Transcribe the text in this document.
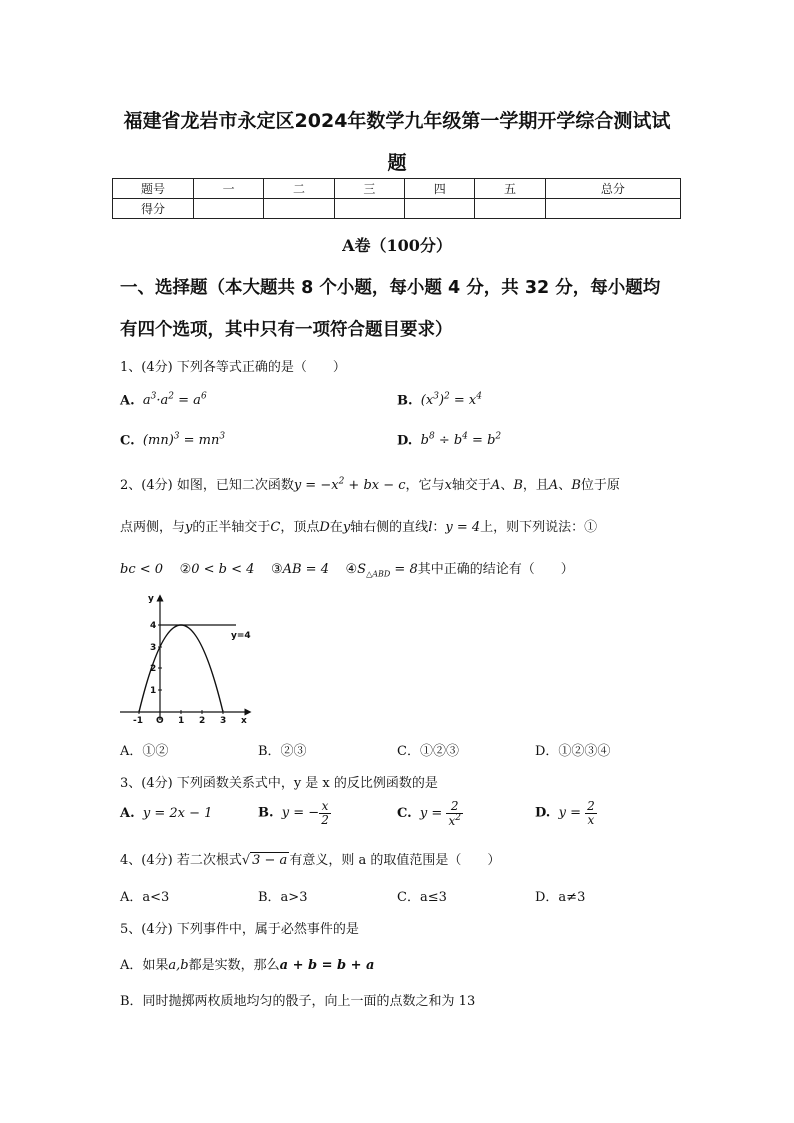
福建省龙岩市永定区2024年数学九年级第一学期开学综合测试试
题
题号	一	二	三	四	五	总分
得分						
A卷（100分）
一、选择题（本大题共 8 个小题，每小题 4 分，共 32 分，每小题均
有四个选项，其中只有一项符合题目要求）
1、(4分) 下列各等式正确的是（　　）
A.  $a^3\cdot a^2 = a^6$	B.  $(x^3)^2 = x^4$
C.  $(mn)^3 = mn^3$	D.  $b^8 \div b^4 = b^2$
2、(4分) 如图，已知二次函数$y = -x^2$ + bx − c，它与x轴交于A、B，且A、B位于原
点两侧，与y的正半轴交于C，顶点D在y轴右侧的直线l：y = 4上，则下列说法：①
bc < 0 ②0 < b < 4 ③AB = 4 $④S_{\triangle ABD} = 8$其中正确的结论有（　　）
y
x
O
y=4
-1	1 2 3
1
2
3
4
A．①②	B．②③	C．①②③	D．①②③④
3、(4分) 下列函数关系式中，y 是 x 的反比例函数的是
A.  y = 2x − 1	B.  y = − $\frac{x}{2}$	C.  $y = \frac{2}{x^2}$	D.  $y = \frac{2}{x}$
4、(4分) 若二次根式√ 3 − a 有意义，则 a 的取值范围是（　　）
A．a<3	B．a>3	C．a≤3	D．a≠3
5、(4分) 下列事件中，属于必然事件的是
A．如果a,b都是实数，那么a + b = b + a
B．同时抛掷两枚质地均匀的骰子，向上一面的点数之和为 13
